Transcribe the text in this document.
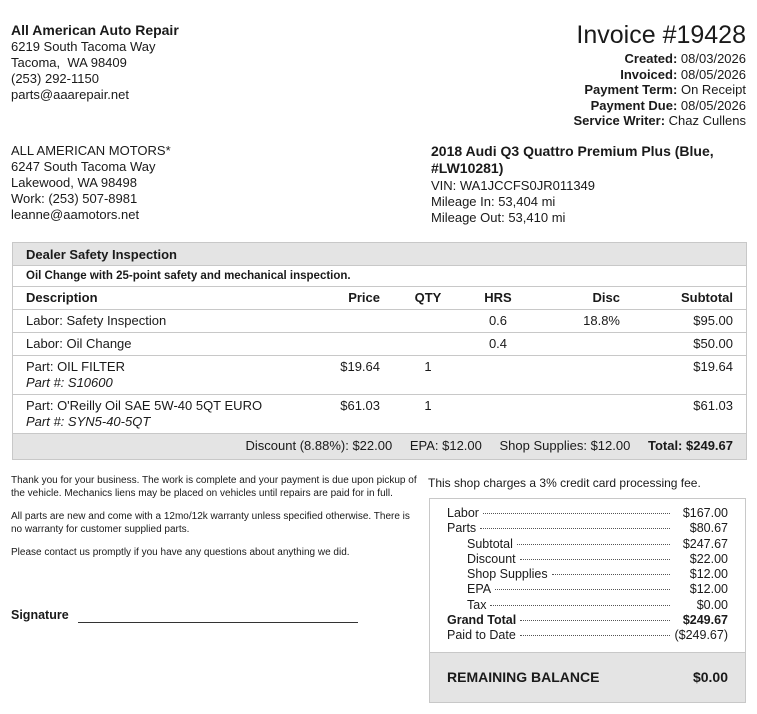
All American Auto Repair
6219 South Tacoma Way
Tacoma,  WA 98409
(253) 292-1150
parts@aaarepair.net
Invoice #19428
Created: 08/03/2026
Invoiced: 08/05/2026
Payment Term: On Receipt
Payment Due: 08/05/2026
Service Writer: Chaz Cullens
ALL AMERICAN MOTORS*
6247 South Tacoma Way
Lakewood, WA 98498
Work: (253) 507-8981
leanne@aamotors.net
2018 Audi Q3 Quattro Premium Plus (Blue, #LW10281)
VIN: WA1JCCFS0JR011349
Mileage In: 53,404 mi
Mileage Out: 53,410 mi
Dealer Safety Inspection
Oil Change with 25-point safety and mechanical inspection.
Description	Price	QTY	HRS	Disc	Subtotal

Labor: Safety Inspection			0.6	18.8%	$95.00

Labor: Oil Change			0.4		$50.00

Part: OIL FILTER
Part #: S10600	$19.64	1			$19.64

Part: O'Reilly Oil SAE 5W-40 5QT EURO
Part #: SYN5-40-5QT	$61.03	1			$61.03
Discount (8.88%): $22.00 EPA: $12.00 Shop Supplies: $12.00 Total: $249.67

Thank you for your business. The work is complete and your payment is due upon pickup of the vehicle. Mechanics liens may be placed on vehicles until repairs are paid for in full.

All parts are new and come with a 12mo/12k warranty unless specified otherwise. There is no warranty for customer supplied parts.

Please contact us promptly if you have any questions about anything we did.

Signature
This shop charges a 3% credit card processing fee.
Labor	$167.00
Parts	$80.67
Subtotal	$247.67
Discount	$22.00
Shop Supplies	$12.00
EPA	$12.00
Tax	$0.00
Grand Total	$249.67
Paid to Date	($249.67)
REMAINING BALANCE	$0.00
